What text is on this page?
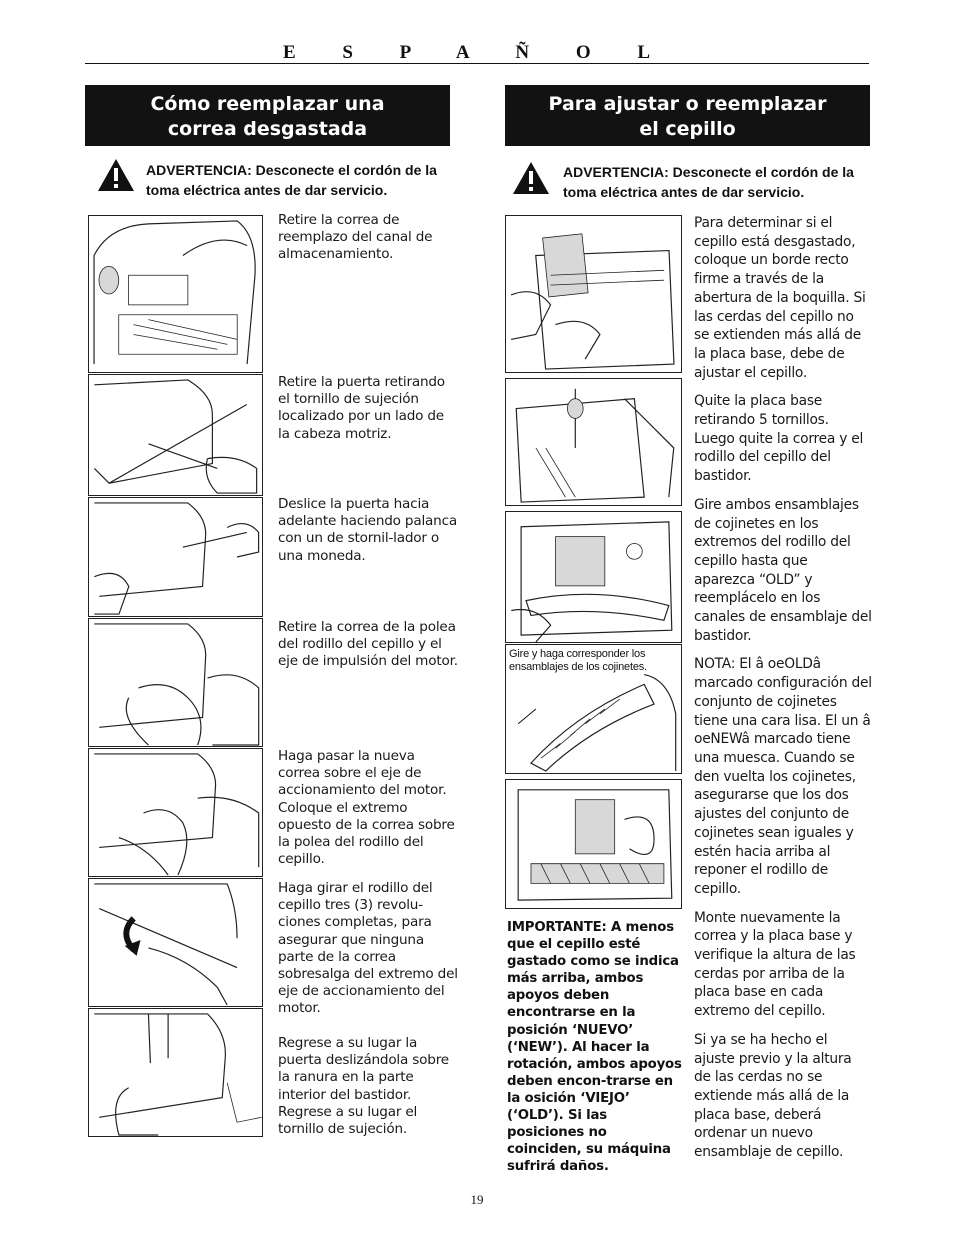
E S P A Ñ O L
Cómo reemplazar una
correa desgastada
ADVERTENCIA: Desconecte el cordón de la toma eléctrica antes de dar servicio.
Retire la correa de reemplazo del canal de almacenamiento.
Retire la puerta retirando el tornillo de sujeción localizado por un lado de la cabeza motriz.
Deslice la puerta hacia adelante haciendo palanca con un de stornil-lador o una moneda.
Retire la correa de la polea del rodillo del cepillo y el eje de impulsión del motor.
Haga pasar la nueva correa sobre el eje de accionamiento del motor. Coloque el extremo opuesto de la correa sobre la polea del rodillo del cepillo.
Haga girar el rodillo del cepillo tres (3) revolu-ciones completas, para asegurar que ninguna parte de la correa sobresalga del extremo del eje de accionamiento del motor.
Regrese a su lugar la puerta deslizándola sobre la ranura en la parte interior del bastidor. Regrese a su lugar el tornillo de sujeción.
Para ajustar o reemplazar
el cepillo
ADVERTENCIA: Desconecte el cordón de la toma eléctrica antes de dar servicio.
Gire y haga corresponder los ensamblajes de los cojinetes.
IMPORTANTE: A menos que el cepillo esté gastado como se indica más arriba, ambos apoyos deben encontrarse en la posición ‘NUEVO’ (‘NEW’). Al hacer la rotación, ambos apoyos deben encon-trarse en la osición ‘VIEJO’ (‘OLD’). Si las posiciones no coinciden, su máquina sufrirá daños.

Para determinar si el cepillo está desgastado, coloque un borde recto firme a través de la abertura de la boquilla. Si las cerdas del cepillo no se extienden más allá de la placa base, debe de ajustar el cepillo.

Quite la placa base retirando 5 tornillos. Luego quite la correa y el rodillo del cepillo del bastidor.

Gire ambos ensamblajes de cojinetes en los extremos del rodillo del cepillo hasta que aparezca “OLD” y reemplácelo en los canales de ensamblaje del bastidor.

NOTA: El â oeOLDâ marcado configuración del conjunto de cojinetes tiene una cara lisa. El un â oeNEWâ marcado tiene una muesca. Cuando se den vuelta los cojinetes, asegurarse que los dos ajustes del conjunto de cojinetes sean iguales y estén hacia arriba al reponer el rodillo de cepillo.

Monte nuevamente la correa y la placa base y verifique la altura de las cerdas por arriba de la placa base en cada extremo del cepillo.

Si ya se ha hecho el ajuste previo y la altura de las cerdas no se extiende más allá de la placa base, deberá ordenar un nuevo ensamblaje de cepillo.

19
